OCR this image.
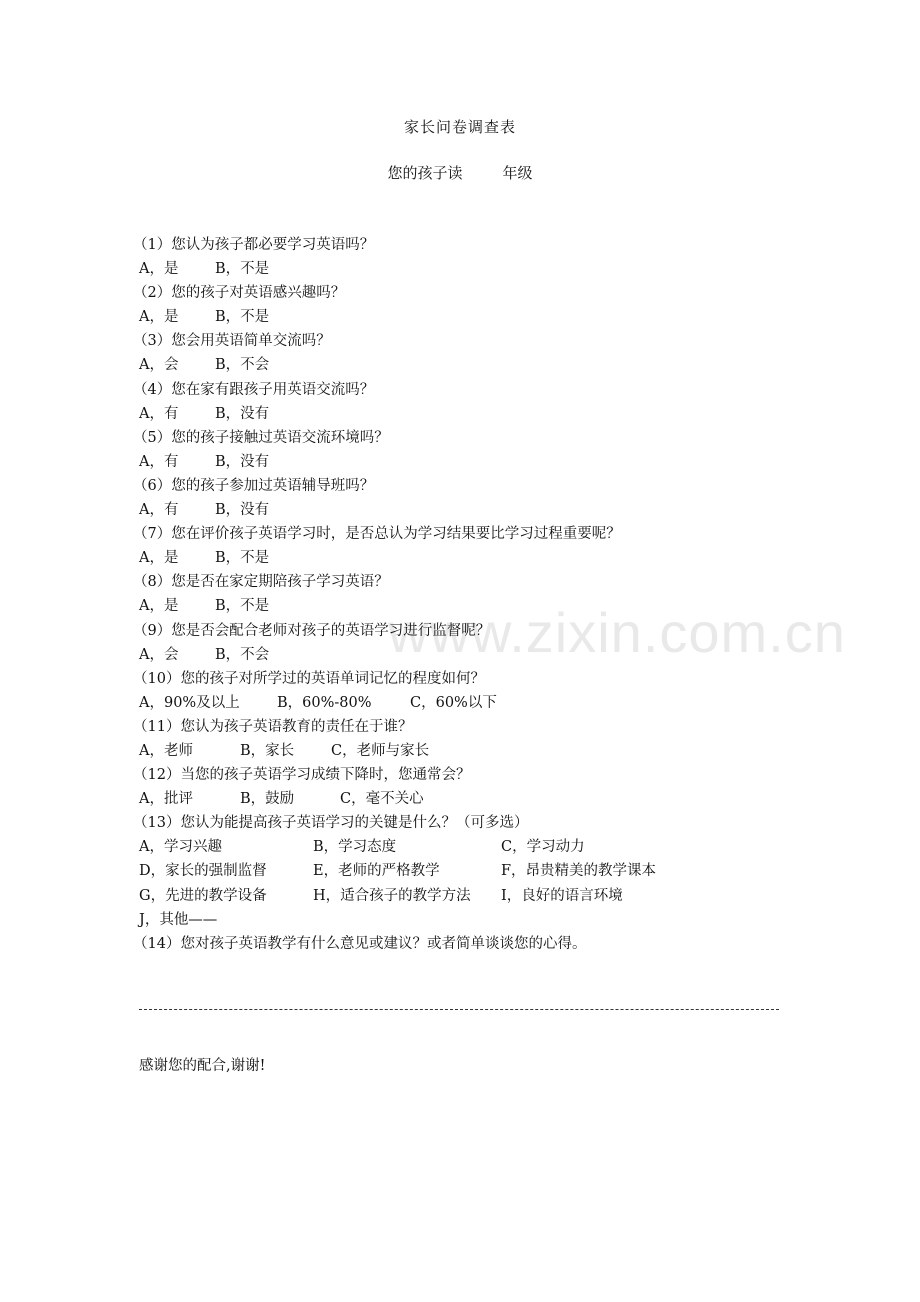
www.zixin.com.cn
家长问卷调查表
您的孩子读	年级
（1）您认为孩子都必要学习英语吗？
A，是	B，不是
（2）您的孩子对英语感兴趣吗？
A，是	B，不是
（3）您会用英语简单交流吗？
A，会	B，不会
（4）您在家有跟孩子用英语交流吗？
A，有	B，没有
（5）您的孩子接触过英语交流环境吗？
A，有	B，没有
（6）您的孩子参加过英语辅导班吗？
A，有	B，没有
（7）您在评价孩子英语学习时，是否总认为学习结果要比学习过程重要呢？
A，是	B，不是
（8）您是否在家定期陪孩子学习英语？
A，是	B，不是
（9）您是否会配合老师对孩子的英语学习进行监督呢？
A，会	B，不会
（10）您的孩子对所学过的英语单词记忆的程度如何？
A，90%及以上	B，60%-80%	C，60%以下
（11）您认为孩子英语教育的责任在于谁？
A，老师	B，家长	C，老师与家长
（12）当您的孩子英语学习成绩下降时，您通常会？
A，批评	B，鼓励	C，毫不关心
（13）您认为能提高孩子英语学习的关键是什么？（可多选）
A，学习兴趣	B，学习态度	C，学习动力
D，家长的强制监督	E，老师的严格教学	F，昂贵精美的教学课本
G，先进的教学设备	H，适合孩子的教学方法 I，良好的语言环境
J，其他——
（14）您对孩子英语教学有什么意见或建议？或者简单谈谈您的心得。
感谢您的配合,谢谢!
